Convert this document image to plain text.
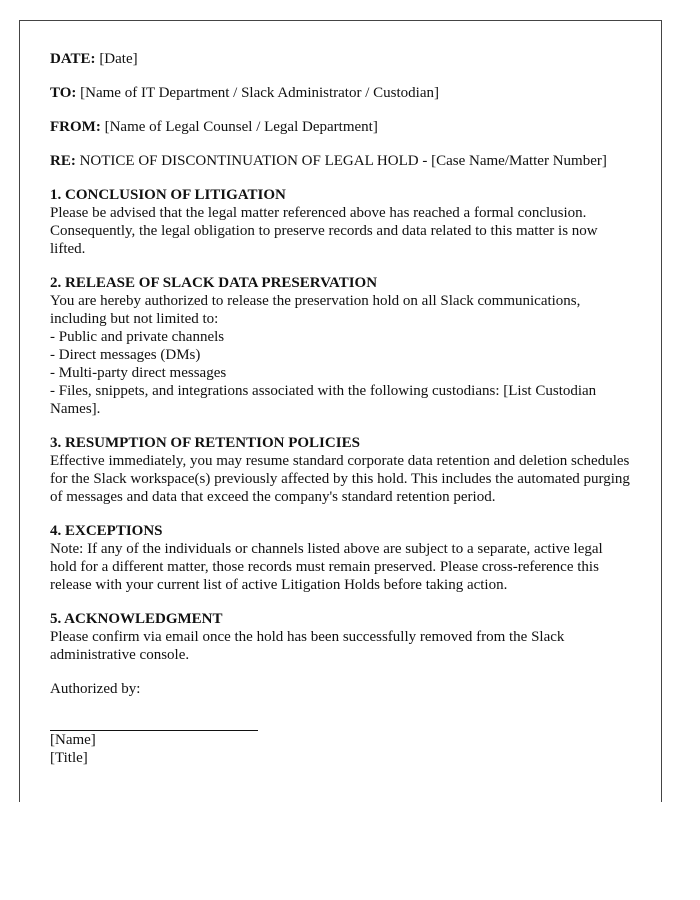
DATE: [Date]

TO: [Name of IT Department / Slack Administrator / Custodian]

FROM: [Name of Legal Counsel / Legal Department]

RE: NOTICE OF DISCONTINUATION OF LEGAL HOLD - [Case Name/Matter Number]

1. CONCLUSION OF LITIGATION
Please be advised that the legal matter referenced above has reached a formal conclusion. Consequently, the legal obligation to preserve records and data related to this matter is now lifted.

2. RELEASE OF SLACK DATA PRESERVATION
You are hereby authorized to release the preservation hold on all Slack communications, including but not limited to:
- Public and private channels
- Direct messages (DMs)
- Multi-party direct messages
- Files, snippets, and integrations associated with the following custodians: [List Custodian Names].

3. RESUMPTION OF RETENTION POLICIES
Effective immediately, you may resume standard corporate data retention and deletion schedules for the Slack workspace(s) previously affected by this hold. This includes the automated purging of messages and data that exceed the company's standard retention period.

4. EXCEPTIONS
Note: If any of the individuals or channels listed above are subject to a separate, active legal hold for a different matter, those records must remain preserved. Please cross-reference this release with your current list of active Litigation Holds before taking action.

5. ACKNOWLEDGMENT
Please confirm via email once the hold has been successfully removed from the Slack administrative console.

Authorized by:
[Name]
[Title]
